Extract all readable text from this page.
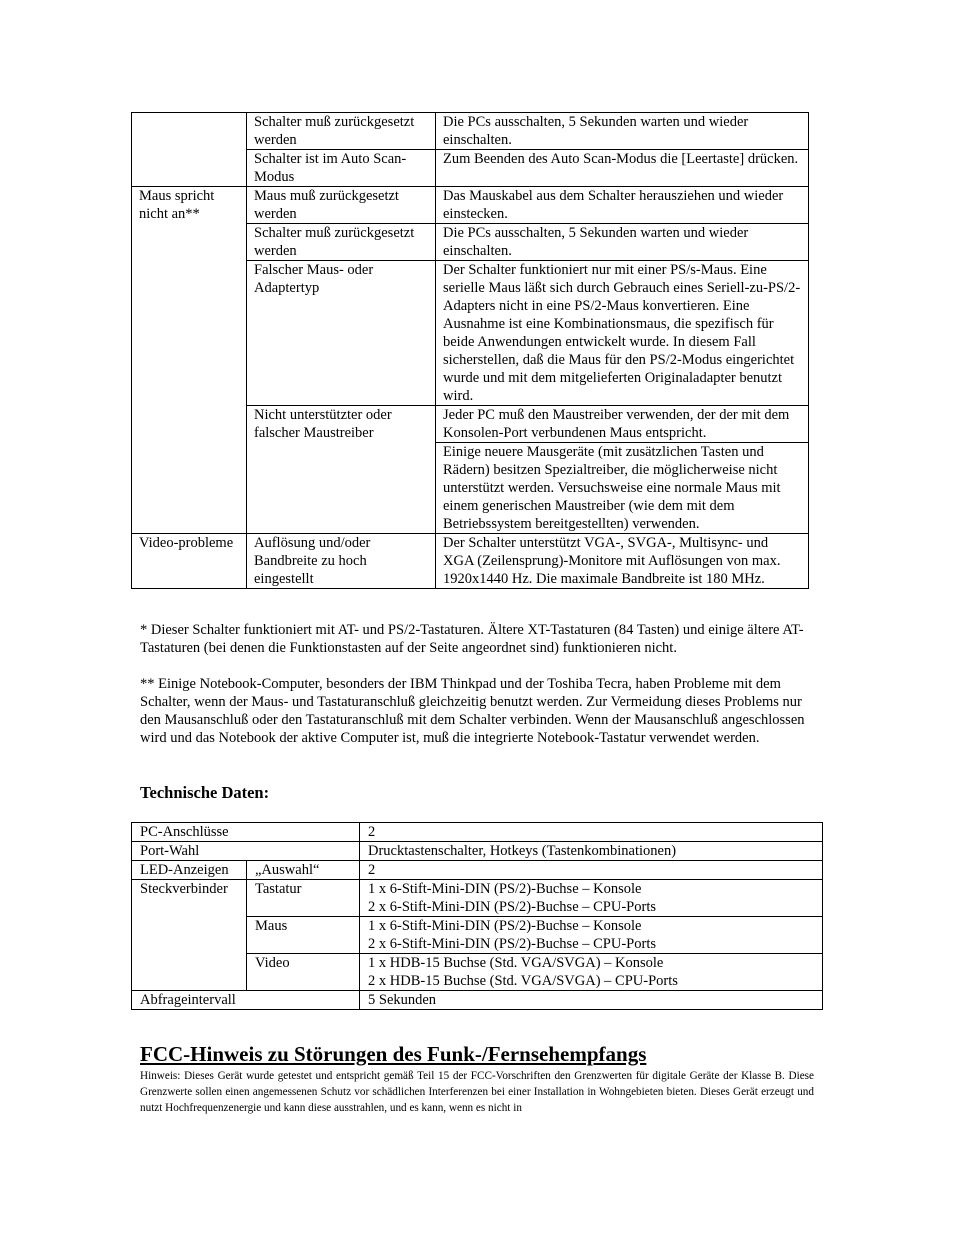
	Schalter muß zurückgesetzt werden	Die PCs ausschalten, 5 Sekunden warten und wieder einschalten.
	Schalter ist im Auto Scan-Modus	Zum Beenden des Auto Scan-Modus die [Leertaste] drücken.
Maus spricht nicht an**	Maus muß zurückgesetzt werden	Das Mauskabel aus dem Schalter herausziehen und wieder einstecken.
	Schalter muß zurückgesetzt werden	Die PCs ausschalten, 5 Sekunden warten und wieder einschalten.
	Falscher Maus- oder Adaptertyp	Der Schalter funktioniert nur mit einer PS/s-Maus. Eine serielle Maus läßt sich durch Gebrauch eines Seriell-zu-PS/2-Adapters nicht in eine PS/2-Maus konvertieren. Eine Ausnahme ist eine Kombinationsmaus, die spezifisch für beide Anwendungen entwickelt wurde. In diesem Fall sicherstellen, daß die Maus für den PS/2-Modus eingerichtet wurde und mit dem mitgelieferten Originaladapter benutzt wird.
	Nicht unterstützter oder falscher Maustreiber	Jeder PC muß den Maustreiber verwenden, der der mit dem Konsolen-Port verbundenen Maus entspricht.
		Einige neuere Mausgeräte (mit zusätzlichen Tasten und Rädern) besitzen Spezialtreiber, die möglicherweise nicht unterstützt werden. Versuchsweise eine normale Maus mit einem generischen Maustreiber (wie dem mit dem Betriebssystem bereitgestellten) verwenden.
Video-probleme	Auflösung und/oder Bandbreite zu hoch eingestellt	Der Schalter unterstützt VGA-, SVGA-, Multisync- und XGA (Zeilensprung)-Monitore mit Auflösungen von max. 1920x1440 Hz. Die maximale Bandbreite ist 180 MHz.

* Dieser Schalter funktioniert mit AT- und PS/2-Tastaturen. Ältere XT-Tastaturen (84 Tasten) und einige ältere AT-Tastaturen (bei denen die Funktionstasten auf der Seite angeordnet sind) funktionieren nicht.

** Einige Notebook-Computer, besonders der IBM Thinkpad und der Toshiba Tecra, haben Probleme mit dem Schalter, wenn der Maus- und Tastaturanschluß gleichzeitig benutzt werden. Zur Vermeidung dieses Problems nur den Mausanschluß oder den Tastaturanschluß mit dem Schalter verbinden. Wenn der Mausanschluß angeschlossen wird und das Notebook der aktive Computer ist, muß die integrierte Notebook-Tastatur verwendet werden.

Technische Daten:
PC-Anschlüsse		2
Port-Wahl		Drucktastenschalter, Hotkeys (Tastenkombinationen)
LED-Anzeigen	„Auswahl“	2
Steckverbinder	Tastatur	1 x 6-Stift-Mini-DIN (PS/2)-Buchse – Konsole
2 x 6-Stift-Mini-DIN (PS/2)-Buchse – CPU-Ports

	Maus	1 x 6-Stift-Mini-DIN (PS/2)-Buchse – Konsole
2 x 6-Stift-Mini-DIN (PS/2)-Buchse – CPU-Ports

	Video	1 x HDB-15 Buchse (Std. VGA/SVGA) – Konsole
2 x HDB-15 Buchse (Std. VGA/SVGA) – CPU-Ports

Abfrageintervall		5 Sekunden
FCC-Hinweis zu Störungen des Funk-/Fernsehempfangs

Hinweis: Dieses Gerät wurde getestet und entspricht gemäß Teil 15 der FCC-Vorschriften den Grenzwerten für digitale Geräte der Klasse B. Diese Grenzwerte sollen einen angemessenen Schutz vor schädlichen Interferenzen bei einer Installation in Wohngebieten bieten. Dieses Gerät erzeugt und nutzt Hochfrequenzenergie und kann diese ausstrahlen, und es kann, wenn es nicht in
